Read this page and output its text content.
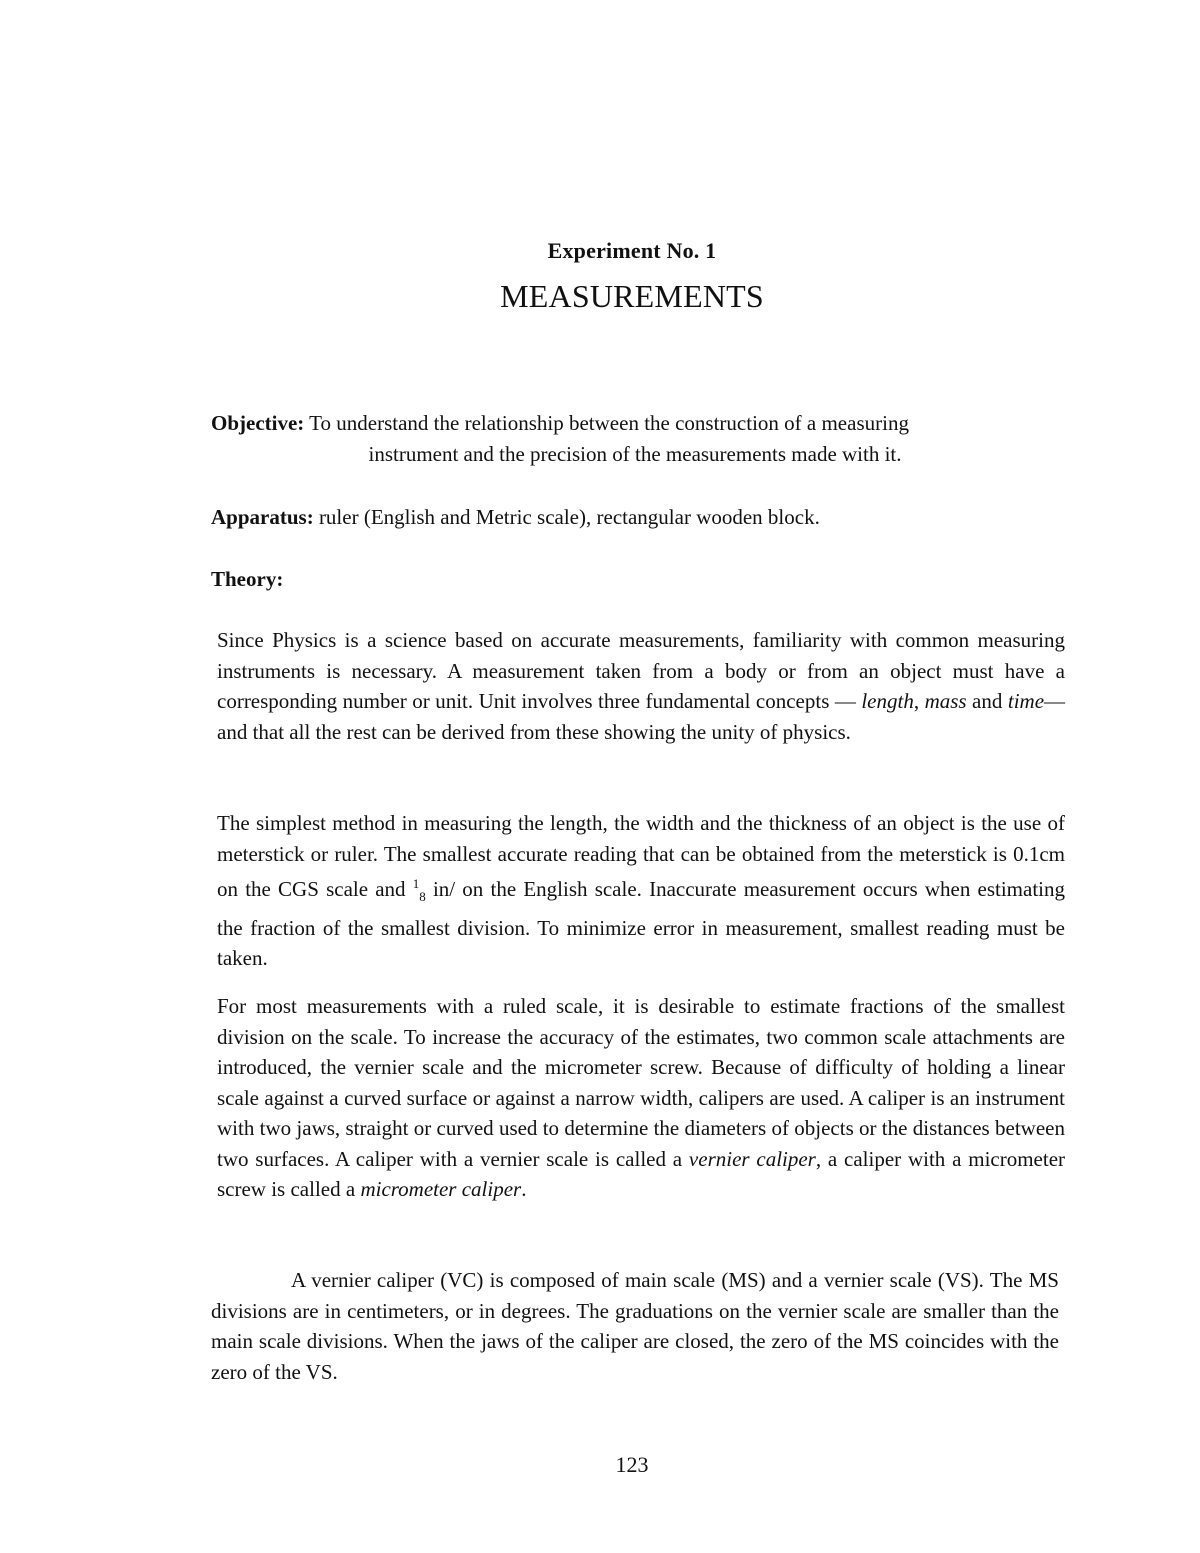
Experiment No. 1
MEASUREMENTS
Objective: To understand the relationship between the construction of a measuring
instrument and the precision of the measurements made with it.
Apparatus: ruler (English and Metric scale), rectangular wooden block.
Theory:
Since Physics is a science based on accurate measurements, familiarity with common measuring instruments is necessary. A measurement taken from a body or from an object must have a corresponding number or unit. Unit involves three fundamental concepts — length, mass and time— and that all the rest can be derived from these showing the unity of physics.
The simplest method in measuring the length, the width and the thickness of an object is the use of meterstick or ruler. The smallest accurate reading that can be obtained from the meterstick is 0.1cm on the CGS scale and $^1_8$ in/ on the English scale. Inaccurate measurement occurs when estimating the fraction of the smallest division. To minimize error in measurement, smallest reading must be taken.
For most measurements with a ruled scale, it is desirable to estimate fractions of the smallest division on the scale. To increase the accuracy of the estimates, two common scale attachments are introduced, the vernier scale and the micrometer screw. Because of difficulty of holding a linear scale against a curved surface or against a narrow width, calipers are used. A caliper is an instrument with two jaws, straight or curved used to determine the diameters of objects or the distances between two surfaces. A caliper with a vernier scale is called a vernier caliper, a caliper with a micrometer screw is called a micrometer caliper.
A vernier caliper (VC) is composed of main scale (MS) and a vernier scale (VS). The MS divisions are in centimeters, or in degrees. The graduations on the vernier scale are smaller than the main scale divisions. When the jaws of the caliper are closed, the zero of the MS coincides with the zero of the VS.
123
